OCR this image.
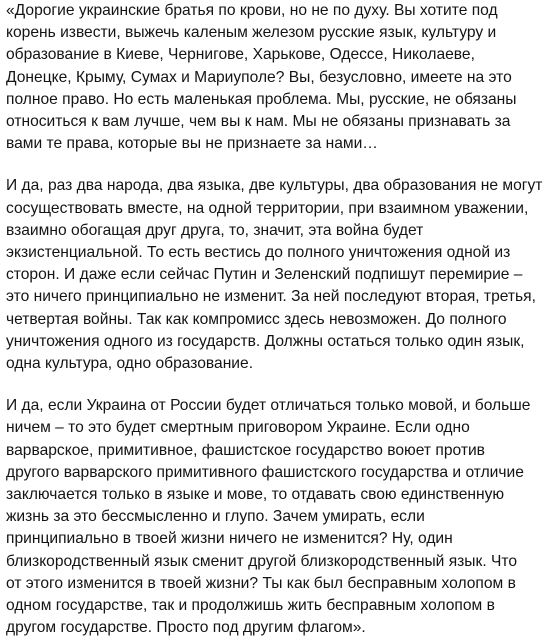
«Дорогие украинские братья по крови, но не по духу. Вы хотите под
корень извести, выжечь каленым железом русские язык, культуру и
образование в Киеве, Чернигове, Харькове, Одессе, Николаеве,
Донецке, Крыму, Сумах и Мариуполе? Вы, безусловно, имеете на это
полное право. Но есть маленькая проблема. Мы, русские, не обязаны
относиться к вам лучше, чем вы к нам. Мы не обязаны признавать за
вами те права, которые вы не признаете за нами…

И да, раз два народа, два языка, две культуры, два образования не могут
сосуществовать вместе, на одной территории, при взаимном уважении,
взаимно обогащая друг друга, то, значит, эта война будет
экзистенциальной. То есть вестись до полного уничтожения одной из
сторон. И даже если сейчас Путин и Зеленский подпишут перемирие –
это ничего принципиально не изменит. За ней последуют вторая, третья,
четвертая войны. Так как компромисс здесь невозможен. До полного
уничтожения одного из государств. Должны остаться только один язык,
одна культура, одно образование.

И да, если Украина от России будет отличаться только мовой, и больше
ничем – то это будет смертным приговором Украине. Если одно
варварское, примитивное, фашистское государство воюет против
другого варварского примитивного фашистского государства и отличие
заключается только в языке и мове, то отдавать свою единственную
жизнь за это бессмысленно и глупо. Зачем умирать, если
принципиально в твоей жизни ничего не изменится? Ну, один
близкородственный язык сменит другой близкородственный язык. Что
от этого изменится в твоей жизни? Ты как был бесправным холопом в
одном государстве, так и продолжишь жить бесправным холопом в
другом государстве. Просто под другим флагом».
